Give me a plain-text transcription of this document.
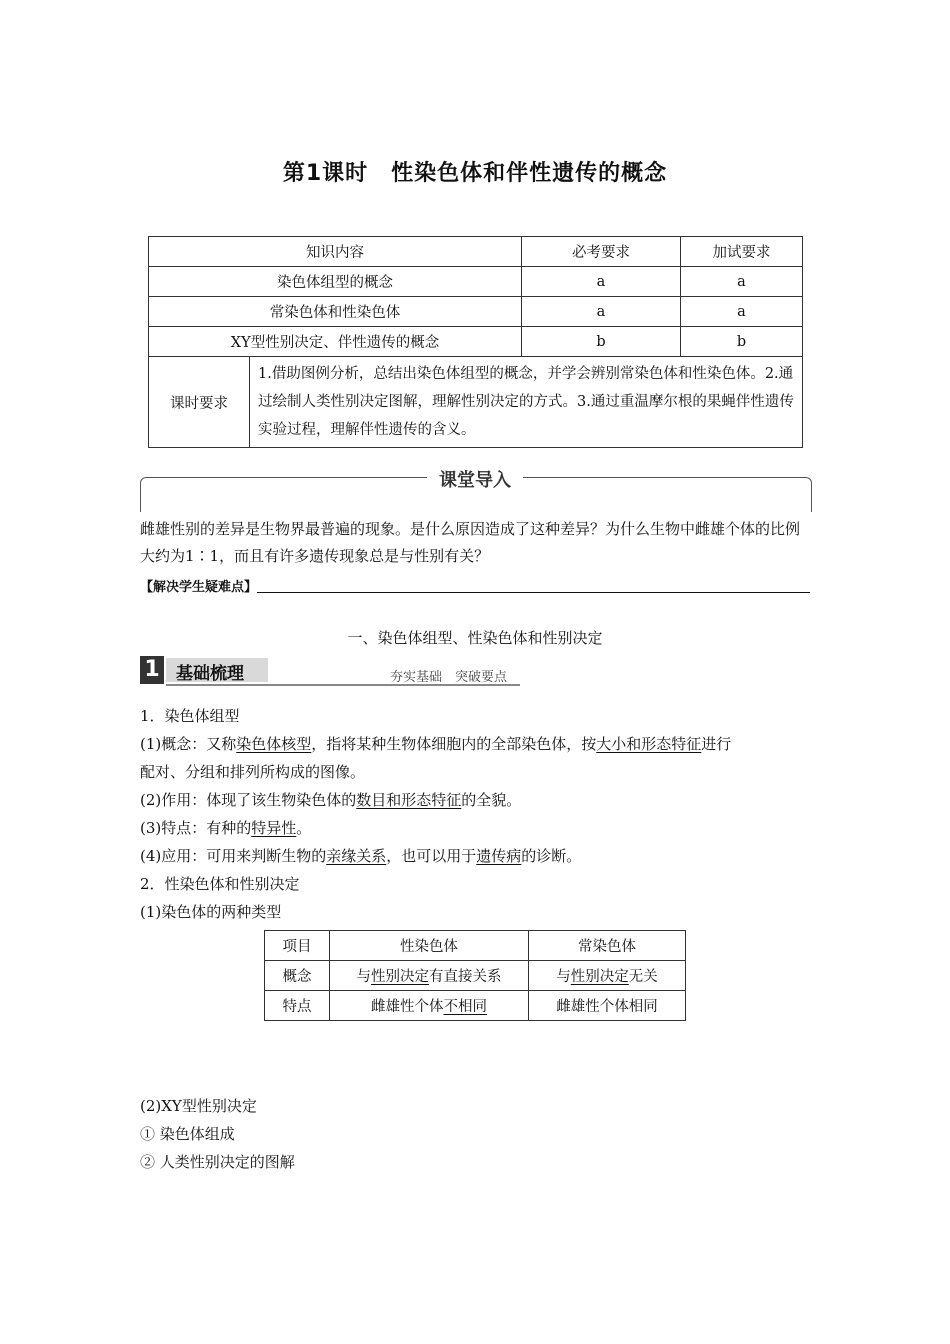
第1课时　性染色体和伴性遗传的概念
知识内容	必考要求	加试要求
染色体组型的概念	a	a
常染色体和性染色体	a	a
XY型性别决定、伴性遗传的概念	b	b

课时要求	1.借助图例分析，总结出染色体组型的概念，并学会辨别常染色体和性染色体。2.通过绘制人类性别决定图解，理解性别决定的方式。3.通过重温摩尔根的果蝇伴性遗传实验过程，理解伴性遗传的含义。
课堂导入
雌雄性别的差异是生物界最普遍的现象。是什么原因造成了这种差异？为什么生物中雌雄个体的比例大约为1∶1，而且有许多遗传现象总是与性别有关？
【解决学生疑难点】
一、染色体组型、性染色体和性别决定
1 基础梳理	夯实基础　突破要点
1．染色体组型
(1)概念：又称染色体核型，指将某种生物体细胞内的全部染色体，按大小和形态特征进行
配对、分组和排列所构成的图像。
(2)作用：体现了该生物染色体的数目和形态特征的全貌。
(3)特点：有种的特异性。
(4)应用：可用来判断生物的亲缘关系，也可以用于遗传病的诊断。
2．性染色体和性别决定
(1)染色体的两种类型
项目	性染色体	常染色体
概念	与性别决定有直接关系	与性别决定无关
特点	雌雄性个体不相同	雌雄性个体相同
(2)XY型性别决定
① 染色体组成
② 人类性别决定的图解
